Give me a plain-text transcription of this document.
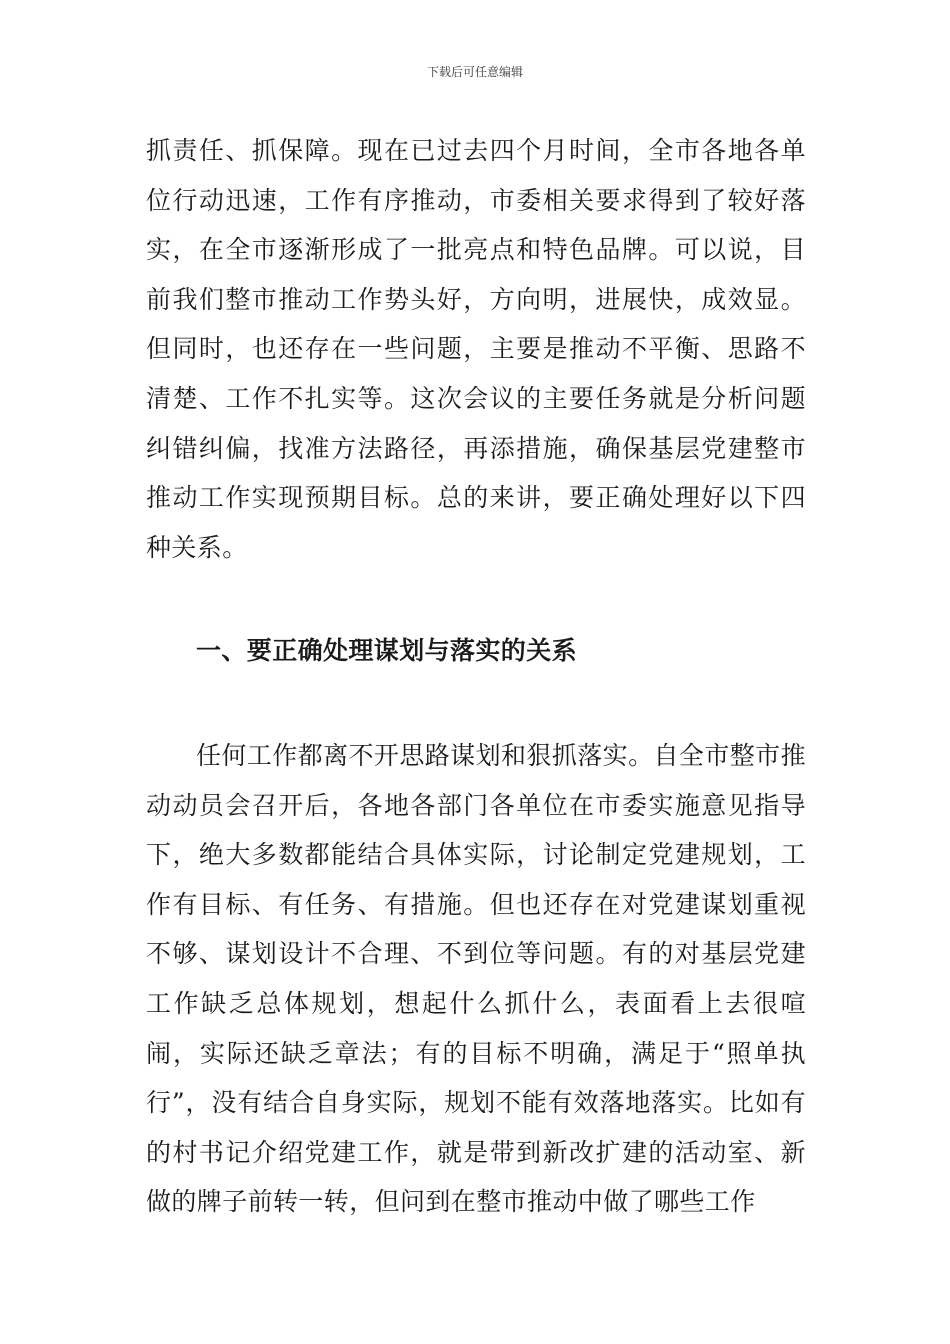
下载后可任意编辑

抓责任、抓保障。现在已过去四个月时间，全市各地各单位行动迅速，工作有序推动，市委相关要求得到了较好落实，在全市逐渐形成了一批亮点和特色品牌。可以说，目前我们整市推动工作势头好，方向明，进展快，成效显。但同时，也还存在一些问题，主要是推动不平衡、思路不清楚、工作不扎实等。这次会议的主要任务就是分析问题纠错纠偏，找准方法路径，再添措施，确保基层党建整市推动工作实现预期目标。总的来讲，要正确处理好以下四种关系。

一、要正确处理谋划与落实的关系

任何工作都离不开思路谋划和狠抓落实。自全市整市推动动员会召开后，各地各部门各单位在市委实施意见指导下，绝大多数都能结合具体实际，讨论制定党建规划，工作有目标、有任务、有措施。但也还存在对党建谋划重视不够、谋划设计不合理、不到位等问题。有的对基层党建工作缺乏总体规划，想起什么抓什么，表面看上去很喧闹，实际还缺乏章法；有的目标不明确，满足于“照单执行”，没有结合自身实际，规划不能有效落地落实。比如有的村书记介绍党建工作，就是带到新改扩建的活动室、新做的牌子前转一转，但问到在整市推动中做了哪些工作
